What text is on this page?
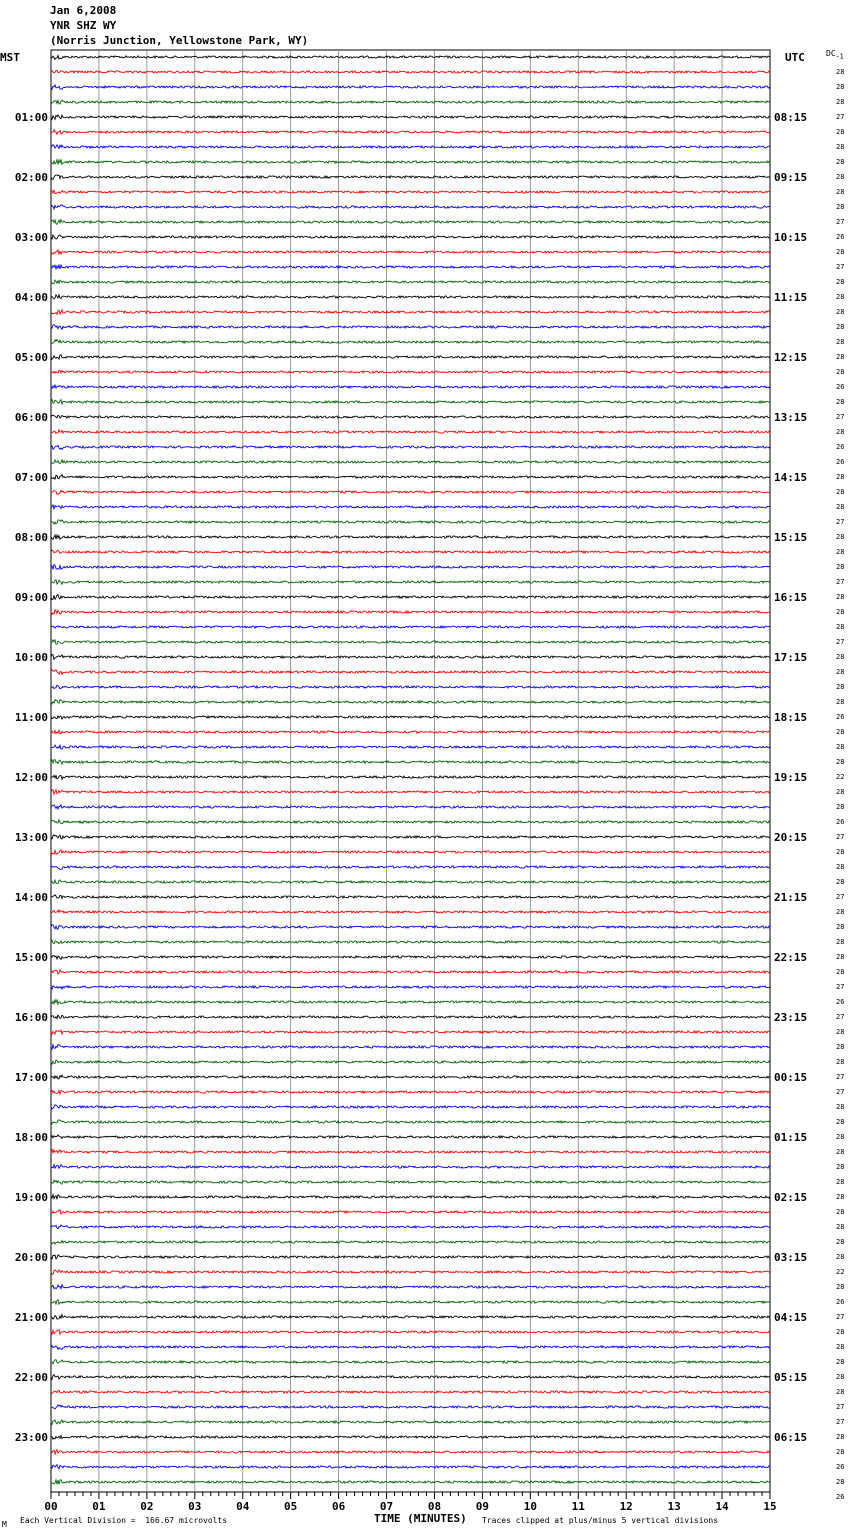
Jan 6,2008
YNR SHZ WY
(Norris Junction, Yellowstone Park, WY)
MST	UTC	$DC_{-1}$
28
28
28
27
28
28
28
28
28
28
27
26
28
27
28
28
28
28
28
28
28
26
28
27
28
26
26
28
28
28
27
28
28
28
27
28
28
28
27
28
28
28
28
26
28
28
28
22
28
28
26
27
28
28
28
27
28
28
28
28
28
27
26
27
28
28
28
27
27
28
28
28
28
28
28
28
28
28
28
28
22
28
26
27
28
28
28
28
28
27
27
28
28
26
28
26
01:00
02:00
03:00
04:00
05:00
06:00
07:00
08:00
09:00
10:00
11:00
12:00
13:00
14:00
15:00
16:00
17:00
18:00
19:00
20:00
21:00
22:00
23:00
08:15
09:15
10:15
11:15
12:15
13:15
14:15
15:15
16:15
17:15
18:15
19:15
20:15
21:15
22:15
23:15
00:15
01:15
02:15
03:15
04:15
05:15
06:15
00	01	02	03	04	05	06	07	08	09	10	11	12	13	14	15
M Each Vertical Division =  166.67 microvolts	TIME (MINUTES) Traces clipped at plus/minus 5 vertical divisions
